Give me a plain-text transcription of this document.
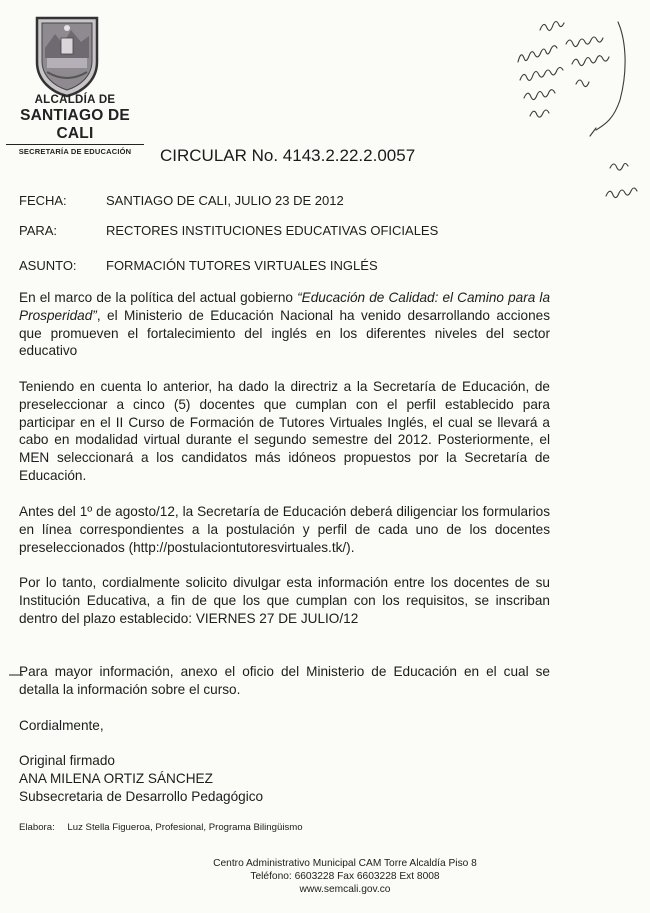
ALCALDÍA DE
SANTIAGO DE CALI
SECRETARÍA DE EDUCACIÓN	CIRCULAR No. 4143.2.22.2.0057
FECHA:	SANTIAGO DE CALI, JULIO 23 DE 2012
PARA:	RECTORES INSTITUCIONES EDUCATIVAS OFICIALES
ASUNTO: FORMACIÓN TUTORES VIRTUALES INGLÉS
En el marco de la política del actual gobierno “Educación de Calidad: el Camino para la Prosperidad”, el Ministerio de Educación Nacional ha venido desarrollando acciones que promueven el fortalecimiento del inglés en los diferentes niveles del sector educativo
Teniendo en cuenta lo anterior, ha dado la directriz a la Secretaría de Educación, de preseleccionar a cinco (5) docentes que cumplan con el perfil establecido para participar en el II Curso de Formación de Tutores Virtuales Inglés, el cual se llevará a cabo en modalidad virtual durante el segundo semestre del 2012. Posteriormente, el MEN seleccionará a los candidatos más idóneos propuestos por la Secretaría de Educación.
Antes del 1º de agosto/12, la Secretaría de Educación deberá diligenciar los formularios en línea correspondientes a la postulación y perfil de cada uno de los docentes preseleccionados (http://postulaciontutoresvirtuales.tk/).
Por lo tanto, cordialmente solicito divulgar esta información entre los docentes de su Institución Educativa, a fin de que los que cumplan con los requisitos, se inscriban dentro del plazo establecido: VIERNES 27 DE JULIO/12
Para mayor información, anexo el oficio del Ministerio de Educación en el cual se detalla la información sobre el curso.
Cordialmente,
Original firmado
ANA MILENA ORTIZ SÁNCHEZ
Subsecretaria de Desarrollo Pedagógico
Elabora: Luz Stella Figueroa, Profesional, Programa Bilingüismo
Centro Administrativo Municipal CAM Torre Alcaldía Piso 8
Teléfono: 6603228 Fax 6603228 Ext 8008
www.semcali.gov.co
